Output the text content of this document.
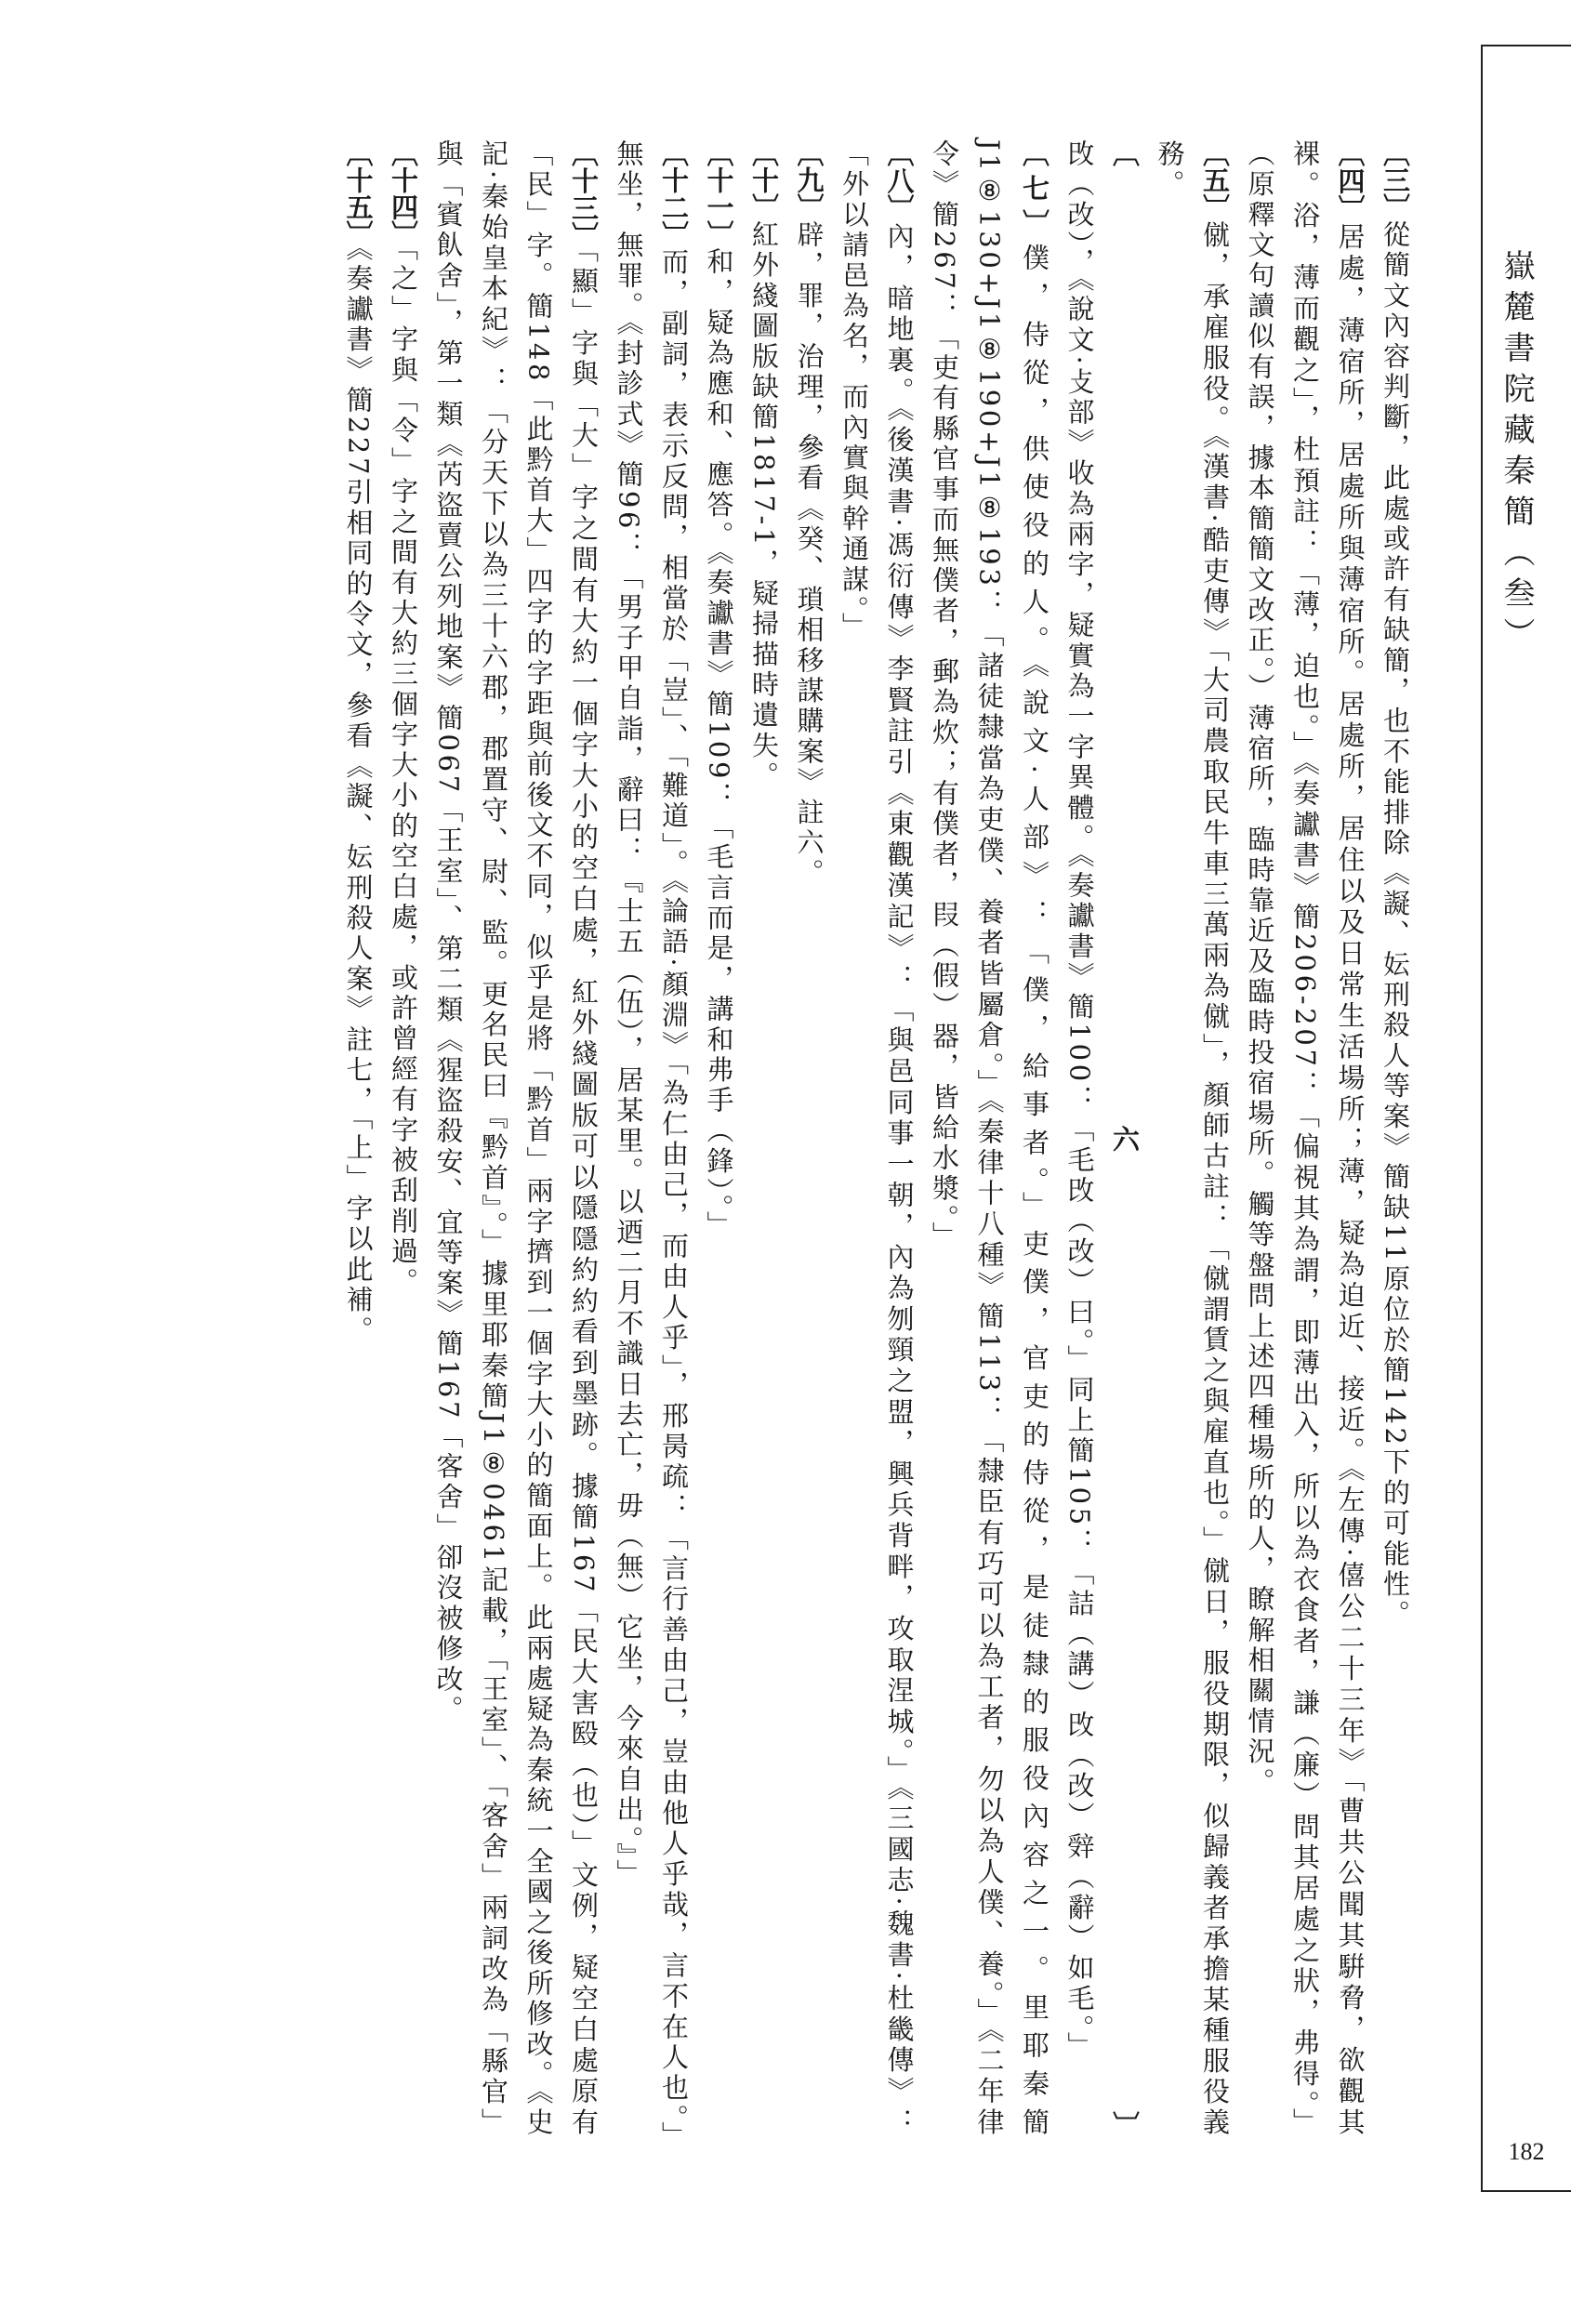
嶽麓書院藏秦簡（叁）
182

〔三〕從簡文內容判斷，此處或許有缺簡，也不能排除《譺、妘刑殺人等案》簡缺11原位於簡142下的可能性。

〔四〕居處，薄宿所，居處所與薄宿所。居處所，居住以及日常生活場所；薄，疑為迫近、接近。《左傳·僖公二十三年》「曹共公聞其騈脅，欲觀其裸。浴，薄而觀之」，杜預註：「薄，迫也。」《奏讞書》簡206-207：「偏視其為謂，即薄出入，所以為衣食者，謙（廉）問其居處之狀，弗得。」（原釋文句讀似有誤，據本簡簡文改正。）薄宿所，臨時靠近及臨時投宿場所。觸等盤問上述四種場所的人，瞭解相關情況。

〔五〕僦，承雇服役。《漢書·酷吏傳》「大司農取民牛車三萬兩為僦」，顏師古註：「僦謂賃之與雇直也。」僦日，服役期限，似歸義者承擔某種服役義務。

〔六〕攺（改），《說文·攴部》收為兩字，疑實為一字異體。《奏讞書》簡100：「毛攺（改）曰。」同上簡105：「詰（講）攺（改）辤（辭）如毛。」

〔七〕僕，侍從，供使役的人。《說文·人部》：「僕，給事者。」吏僕，官吏的侍從，是徒隸的服役內容之一。里耶秦簡J1⑧130+J1⑧190+J1⑧193：「諸徒隸當為吏僕、養者皆屬倉。」《秦律十八種》簡113：「隸臣有巧可以為工者，勿以為人僕、養。」《二年律令》簡267：「吏有縣官事而無僕者，郵為炊；有僕者，叚（假）器，皆給水漿。」

〔八〕內，暗地裏。《後漢書·馮衍傳》李賢註引《東觀漢記》：「與邑同事一朝，內為刎頸之盟，興兵背畔，攻取涅城。」《三國志·魏書·杜畿傳》：「外以請邑為名，而內實與幹通謀。」

〔九〕辟，罪，治理，參看《癸、瑣相移謀購案》註六。

〔十〕紅外綫圖版缺簡1817-1，疑掃描時遺失。

〔十一〕和，疑為應和、應答。《奏讞書》簡109：「毛言而是，講和弗手（鋒）。」

〔十二〕而，副詞，表示反問，相當於「豈」、「難道」。《論語·顏淵》「為仁由己，而由人乎」，邢昺疏：「言行善由己，豈由他人乎哉，言不在人也。」無坐，無罪。《封診式》簡96：「男子甲自詣，辭曰：『士五（伍），居某里。以迺二月不識日去亡，毋（無）它坐，今來自出。』」

〔十三〕「顯」字與「大」字之間有大約一個字大小的空白處，紅外綫圖版可以隱隱約約看到墨跡。據簡167「民大害殹（也）」文例，疑空白處原有「民」字。簡148「此黔首大」四字的字距與前後文不同，似乎是將「黔首」兩字擠到一個字大小的簡面上。此兩處疑為秦統一全國之後所修改。《史記·秦始皇本紀》：「分天下以為三十六郡，郡置守、尉、監。更名民曰『黔首』。」據里耶秦簡J1⑧0461記載，「王室」、「客舍」兩詞改為「縣官」與「賓飤舍」，第一類《芮盜賣公列地案》簡067「王室」、第二類《猩盜殺安、宜等案》簡167「客舍」卻沒被修改。

〔十四〕「之」字與「令」字之間有大約三個字大小的空白處，或許曾經有字被刮削過。

〔十五〕《奏讞書》簡227引相同的令文，參看《譺、妘刑殺人案》註七，「上」字以此補。
